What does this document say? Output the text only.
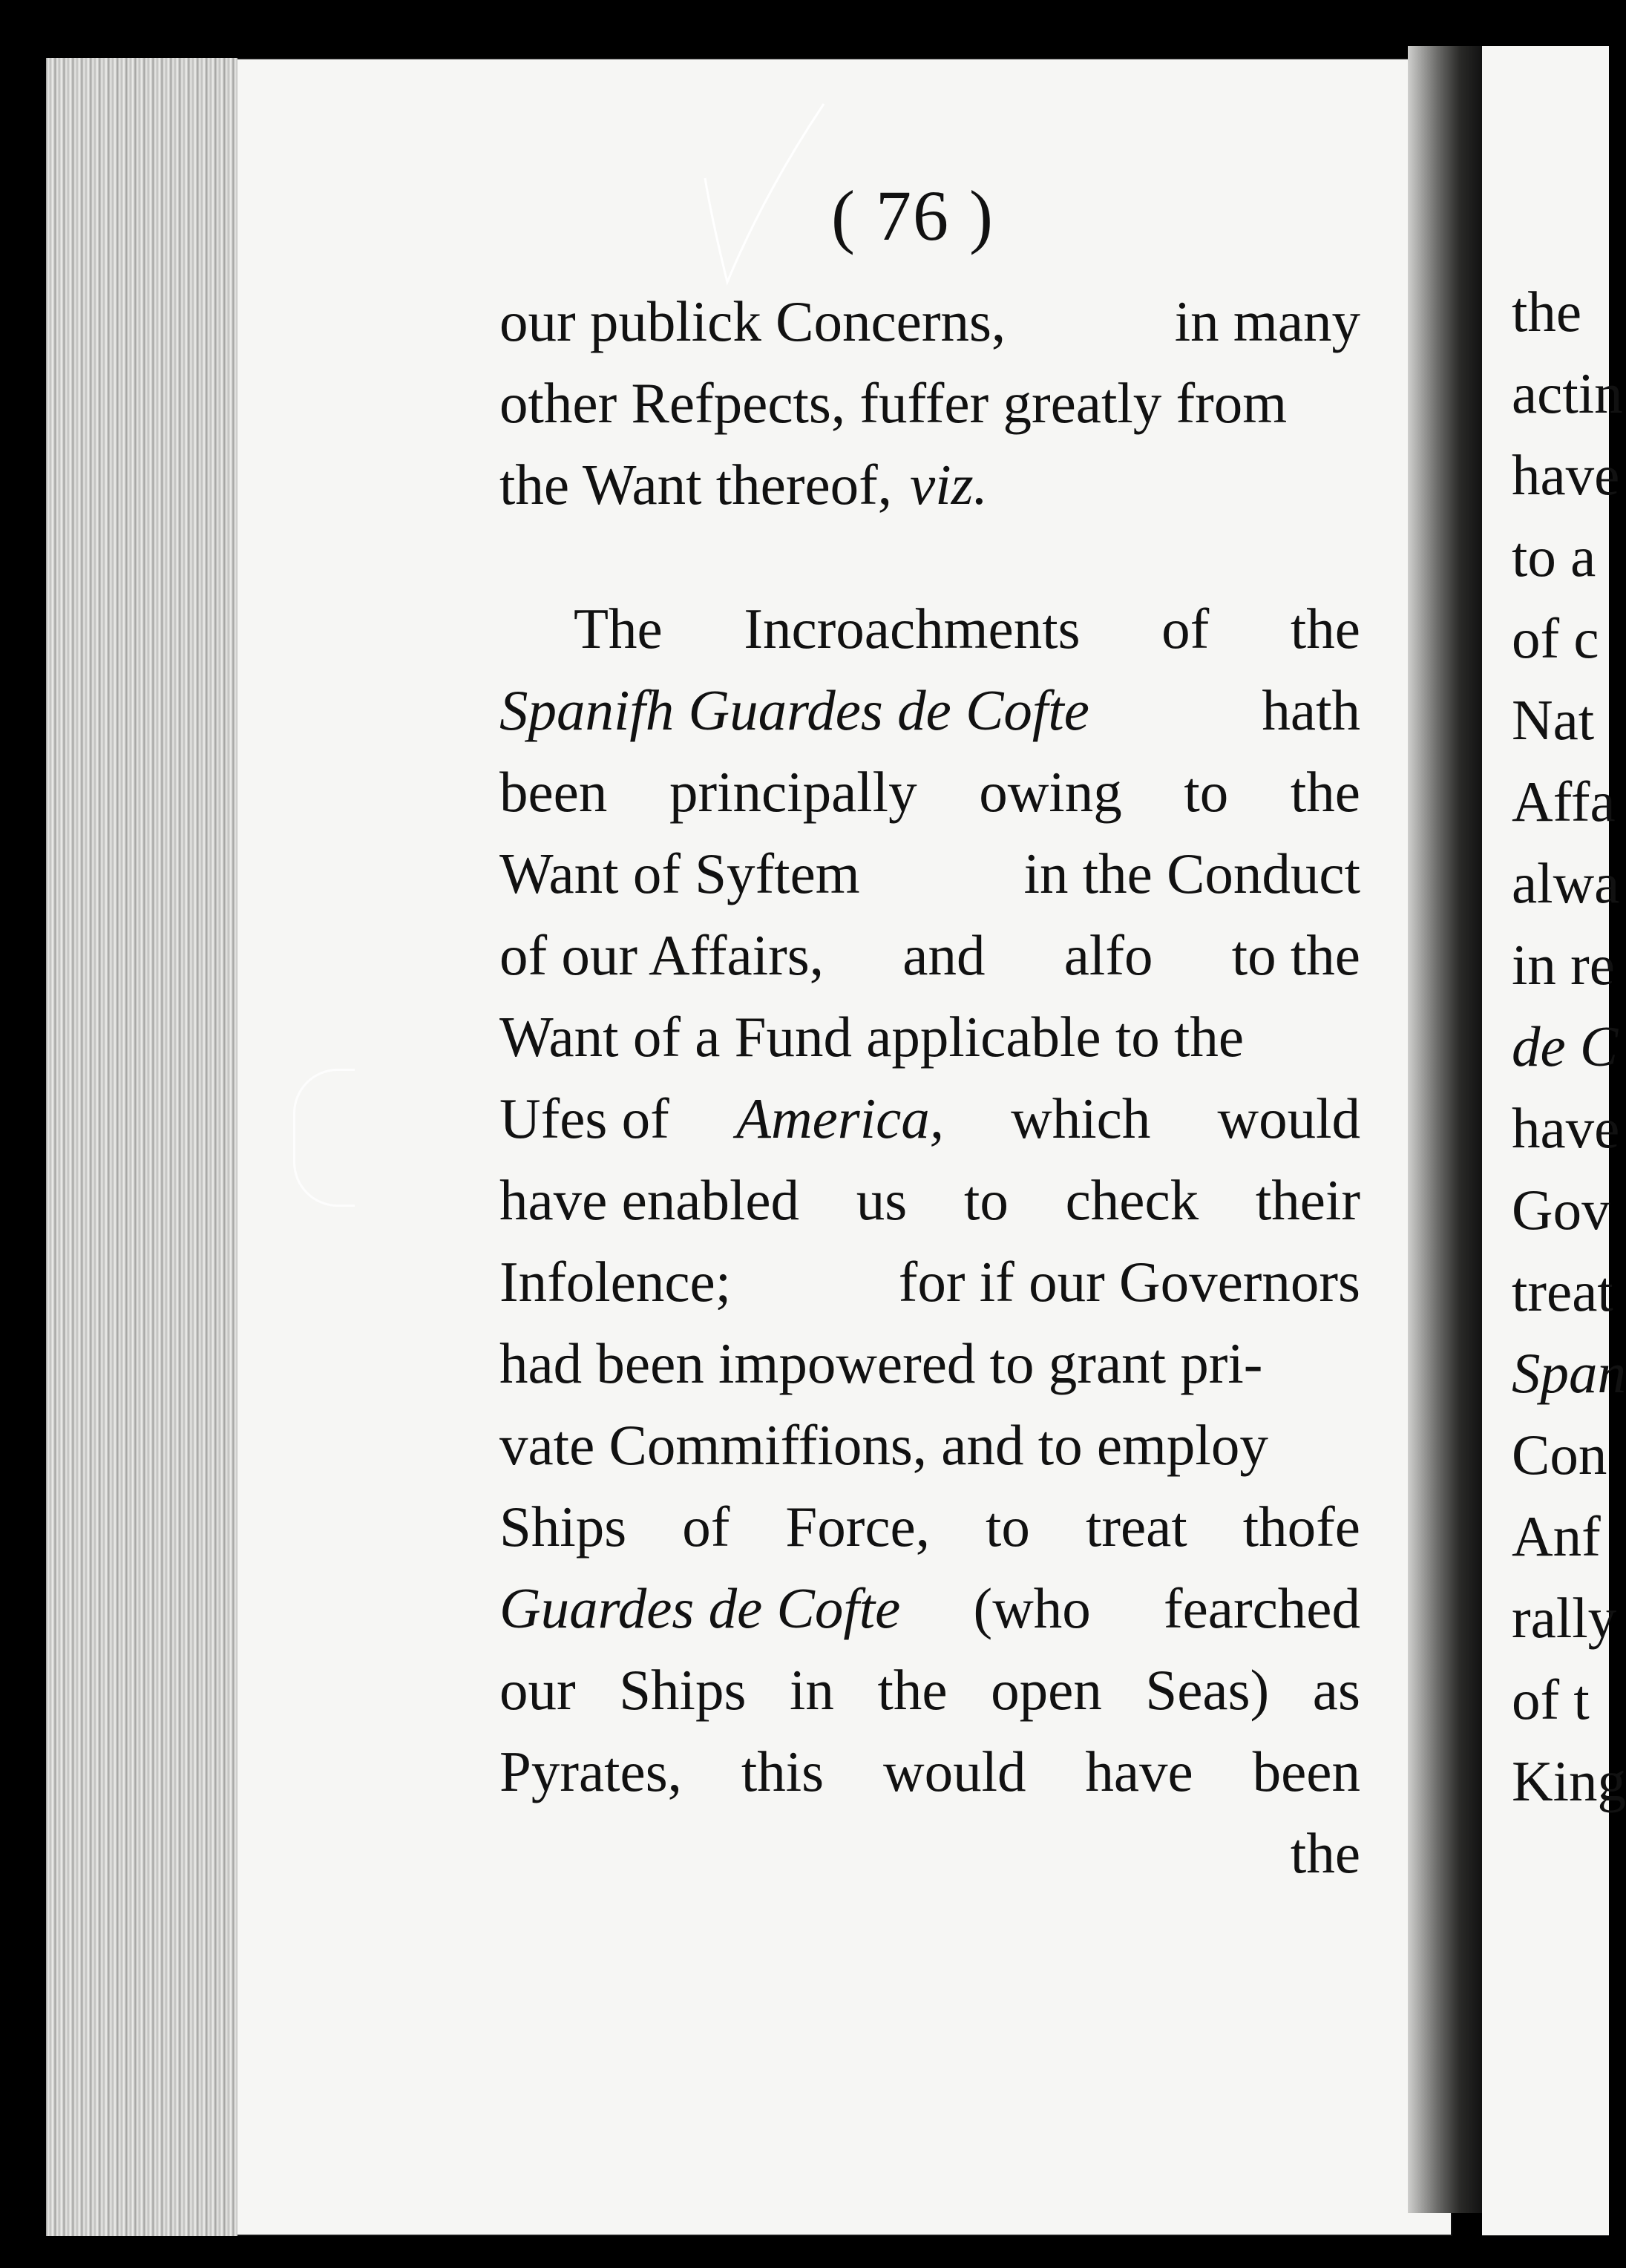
( 76 )
our publick Concerns,	in many
other Refpects, fuffer greatly from
the Want thereof, viz.
The Incroachments of the
Spanifh Guardes de Cofte	hath
been principally owing to the
Want of Syftem	in the Conduct
of our Affairs, and alfo to the
Want of a Fund applicable to the
Ufes of America, which would
have enabled us to check their
Infolence;	for if our Governors
had been impowered to grant pri-
vate Commiffions, and to employ
Ships of Force, to treat thofe
Guardes de Cofte (who fearched
our Ships in the open Seas) as
Pyrates, this would have been
the
the
actin
have
to a
of c
Nat
Affa
alwa
in re
de C
have
Gov
treat
Span
Con
Anf
rally
of t
King
